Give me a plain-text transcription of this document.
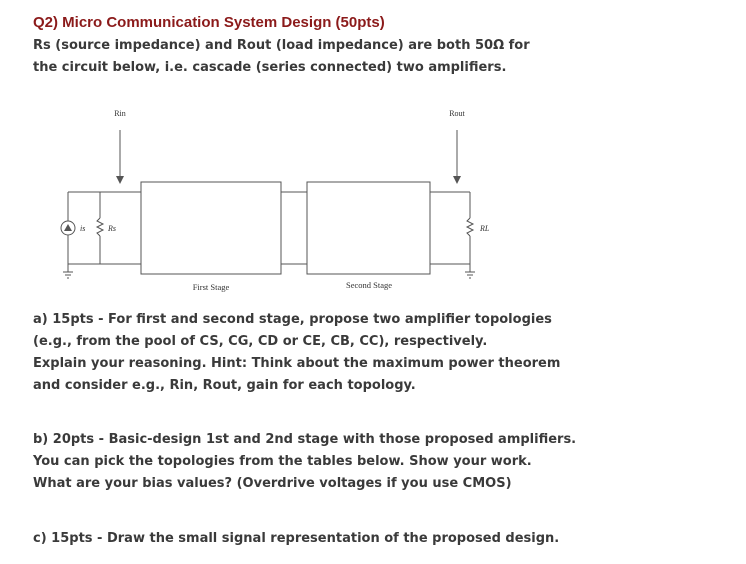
Q2) Micro Communication System Design (50pts)
Rs (source impedance) and Rout (load impedance) are both 50Ω for
the circuit below, i.e. cascade (series connected) two amplifiers.
Rin	Rout
is	Rs	RL
First Stage	Second Stage
a) 15pts - For first and second stage, propose two amplifier topologies
(e.g., from the pool of CS, CG, CD or CE, CB, CC), respectively.
Explain your reasoning. Hint: Think about the maximum power theorem
and consider e.g., Rin, Rout, gain for each topology.
b) 20pts - Basic-design 1st and 2nd stage with those proposed amplifiers.
You can pick the topologies from the tables below. Show your work.
What are your bias values? (Overdrive voltages if you use CMOS)
c) 15pts - Draw the small signal representation of the proposed design.
